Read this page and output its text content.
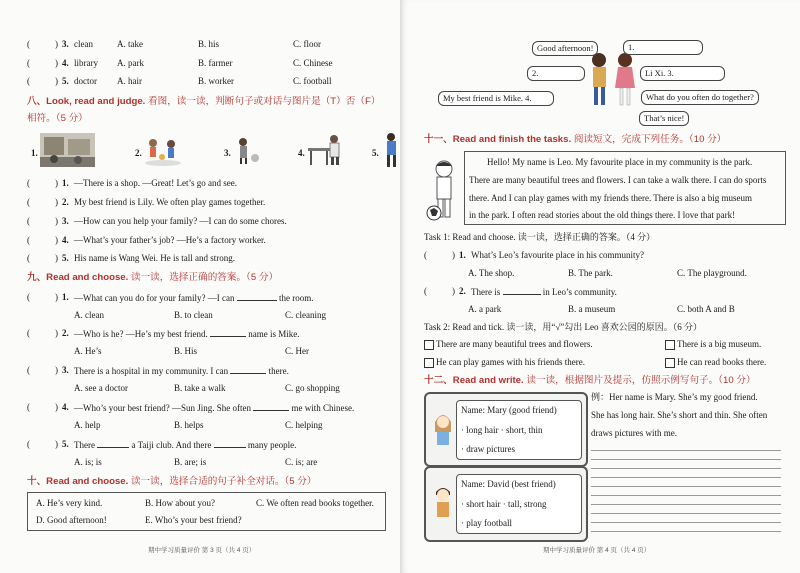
(	) 3. clean	A. take	B. his	C. floor
(	) 4. library A. park	B. farmer	C. Chinese
(	) 5. doctor A. hair	B. worker	C. football
八、Look, read and judge. 看图，读一读，判断句子或对话与图片是（T）否（F）
相符。（5 分）
1.	2.	3.	4.	5.
(	) 1. —There is a shop. —Great! Let’s go and see.
(	) 2. My best friend is Lily. We often play games together.
(	) 3. —How can you help your family? —I can do some chores.
(	) 4. —What’s your father’s job? —He’s a factory worker.
(	) 5. His name is Wang Wei. He is tall and strong.
九、Read and choose. 读一读，选择正确的答案。（5 分）
(	) 1. —What can you do for your family? —I can	the room.
A. clean	B. to clean	C. cleaning
(	) 2. —Who is he? —He’s my best friend.	name is Mike.
A. He’s	B. His	C. Her
(	) 3. There is a hospital in my community. I can	there.
A. see a doctor	B. take a walk	C. go shopping
(	) 4. —Who’s your best friend? —Sun Jing. She often	me with Chinese.
A. help	B. helps	C. helping
(	) 5. There	a Taiji club. And there	many people.
A. is; is	B. are; is	C. is; are
十、Read and choose. 读一读，选择合适的句子补全对话。（5 分）
A. He’s very kind.	B. How about you?	C. We often read books together.
D. Good afternoon!	E. Who’s your best friend?
期中学习质量评价 第 3 页（共 4 页）
Good afternoon!	1.
2.	Li Xi. 3.
My best friend is Mike. 4.	What do you often do together?
That’s nice!
十一、Read and finish the tasks. 阅读短文，完成下列任务。（10 分）
Hello! My name is Leo. My favourite place in my community is the park.
There are many beautiful trees and flowers. I can take a walk there. I can do sports
there. And I can play games with my friends there. There is also a big museum
in the park. I often read stories about the old things there. I love that park!
Task 1: Read and choose. 读一读，选择正确的答案。（4 分）
(	) 1. What’s Leo’s favourite place in his community?
A. The shop.	B. The park.	C. The playground.
(	) 2. There is	in Leo’s community.
A. a park	B. a museum	C. both A and B
Task 2: Read and tick. 读一读，用“√”勾出 Leo 喜欢公园的原因。（6 分）
There are many beautiful trees and flowers.	There is a big museum.
He can play games with his friends there.	He can read books there.
十二、Read and write. 读一读，根据图片及提示，仿照示例写句子。（10 分）
Name: Mary (good friend)
· long hair · short, thin
· draw pictures
Name: David (best friend)
· short hair · tall, strong
· play football
例：Her name is Mary. She’s my good friend.
She has long hair. She’s short and thin. She often
draws pictures with me.
期中学习质量评价 第 4 页（共 4 页）
